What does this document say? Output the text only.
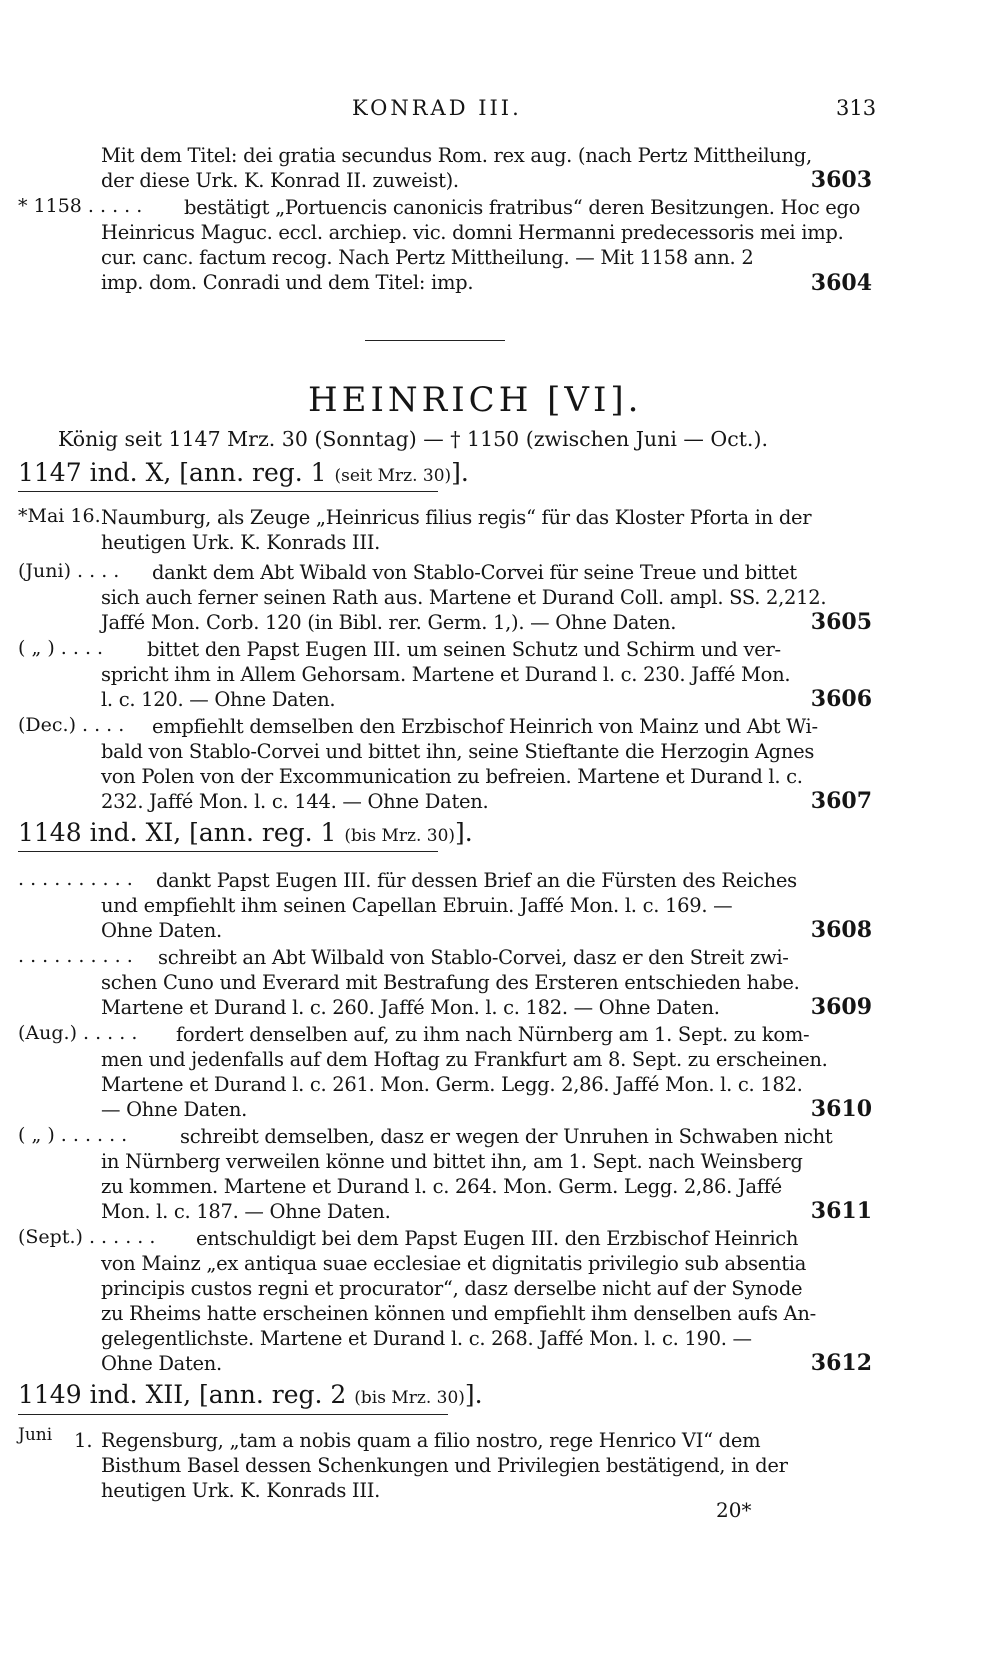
KONRAD III.	313
Mit dem Titel: dei gratia secundus Rom. rex aug. (nach Pertz Mittheilung,
der diese Urk. K. Konrad II. zuweist).	3603
* 1158 . . . . . bestätigt „Portuencis canonicis fratribus“ deren Besitzungen. Hoc ego
Heinricus Maguc. eccl. archiep. vic. domni Hermanni predecessoris mei imp.
cur. canc. factum recog. Nach Pertz Mittheilung. — Mit 1158 ann. 2
imp. dom. Conradi und dem Titel: imp.	3604
HEINRICH [VI].
König seit 1147 Mrz. 30 (Sonntag) — † 1150 (zwischen Juni — Oct.).
1147 ind. X, [ann. reg. 1 (seit Mrz. 30)].
*Mai 16. Naumburg, als Zeuge „Heinricus filius regis“ für das Kloster Pforta in der
heutigen Urk. K. Konrads III.
(Juni) . . . . dankt dem Abt Wibald von Stablo-Corvei für seine Treue und bittet
sich auch ferner seinen Rath aus. Martene et Durand Coll. ampl. SS. 2,212.
Jaffé Mon. Corb. 120 (in Bibl. rer. Germ. 1,). — Ohne Daten.	3605
( „ ) . . . . bittet den Papst Eugen III. um seinen Schutz und Schirm und ver-
spricht ihm in Allem Gehorsam. Martene et Durand l. c. 230. Jaffé Mon.
l. c. 120. — Ohne Daten.	3606
(Dec.) . . . . empfiehlt demselben den Erzbischof Heinrich von Mainz und Abt Wi-
bald von Stablo-Corvei und bittet ihn, seine Stieftante die Herzogin Agnes
von Polen von der Excommunication zu befreien. Martene et Durand l. c.
232. Jaffé Mon. l. c. 144. — Ohne Daten.	3607
1148 ind. XI, [ann. reg. 1 (bis Mrz. 30)].
. . . . . . . . . . dankt Papst Eugen III. für dessen Brief an die Fürsten des Reiches
und empfiehlt ihm seinen Capellan Ebruin. Jaffé Mon. l. c. 169. —
Ohne Daten.	3608
. . . . . . . . . . schreibt an Abt Wilbald von Stablo-Corvei, dasz er den Streit zwi-
schen Cuno und Everard mit Bestrafung des Ersteren entschieden habe.
Martene et Durand l. c. 260. Jaffé Mon. l. c. 182. — Ohne Daten.	3609
(Aug.) . . . . . fordert denselben auf, zu ihm nach Nürnberg am 1. Sept. zu kom-
men und jedenfalls auf dem Hoftag zu Frankfurt am 8. Sept. zu erscheinen.
Martene et Durand l. c. 261. Mon. Germ. Legg. 2,86. Jaffé Mon. l. c. 182.
— Ohne Daten.	3610
( „ ) . . . . . .	schreibt demselben, dasz er wegen der Unruhen in Schwaben nicht
in Nürnberg verweilen könne und bittet ihn, am 1. Sept. nach Weinsberg
zu kommen. Martene et Durand l. c. 264. Mon. Germ. Legg. 2,86. Jaffé
Mon. l. c. 187. — Ohne Daten.	3611
(Sept.) . . . . . . entschuldigt bei dem Papst Eugen III. den Erzbischof Heinrich
von Mainz „ex antiqua suae ecclesiae et dignitatis privilegio sub absentia
principis custos regni et procurator“, dasz derselbe nicht auf der Synode
zu Rheims hatte erscheinen können und empfiehlt ihm denselben aufs An-
gelegentlichste. Martene et Durand l. c. 268. Jaffé Mon. l. c. 190. —
Ohne Daten.	3612
1149 ind. XII, [ann. reg. 2 (bis Mrz. 30)].
Juni 1. Regensburg, „tam a nobis quam a filio nostro, rege Henrico VI“ dem
Bisthum Basel dessen Schenkungen und Privilegien bestätigend, in der
heutigen Urk. K. Konrads III.
20*
